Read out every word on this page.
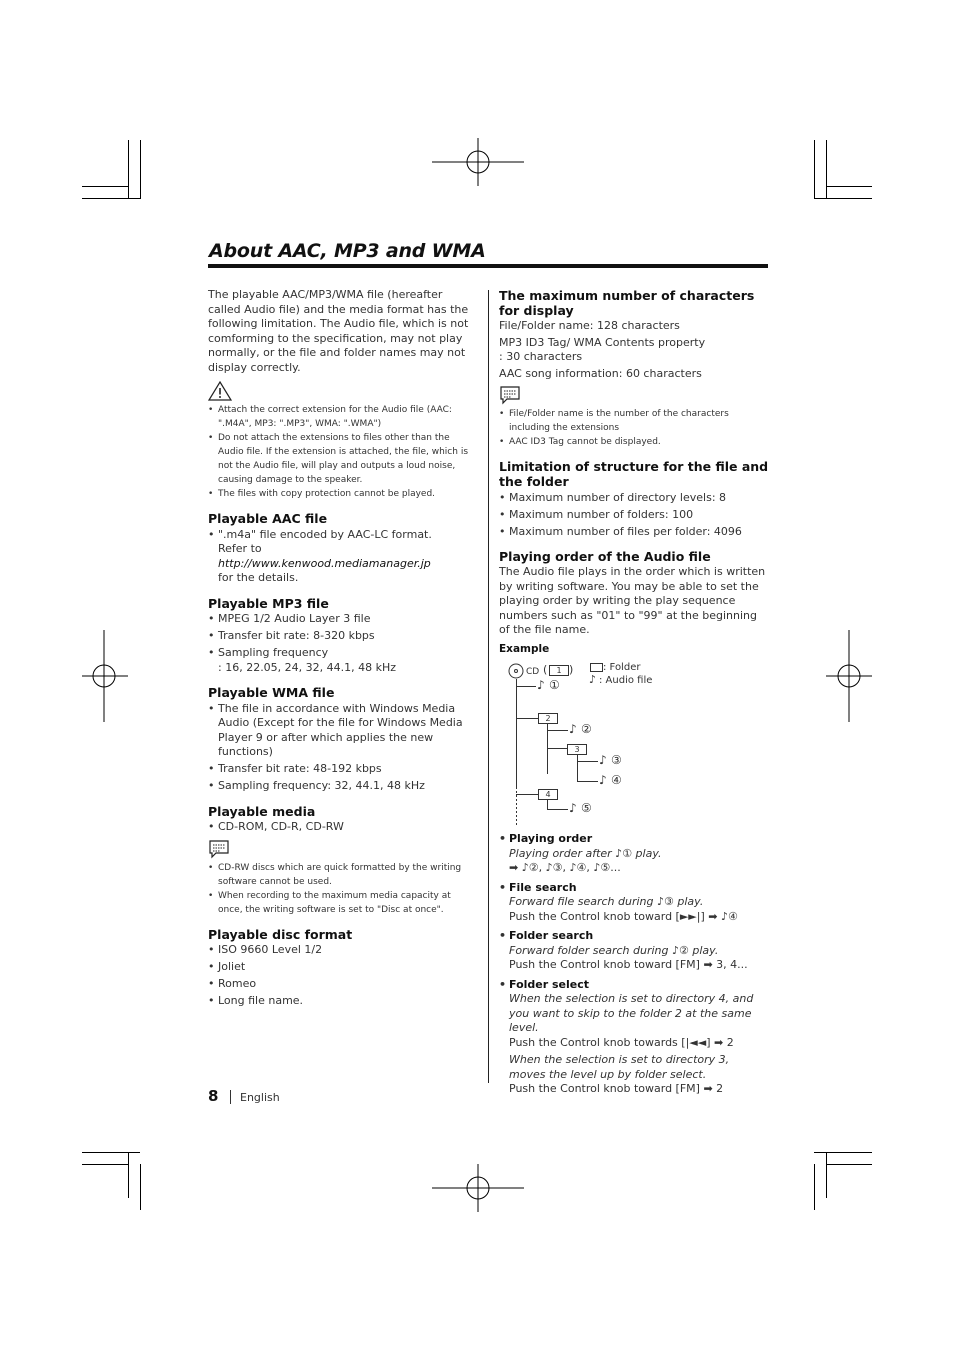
About AAC, MP3 and WMA

The playable AAC/MP3/WMA file (hereafter called Audio file) and the media format has the following limitation. The Audio file, which is not comforming to the specification, may not play normally, or the file and folder names may not display correctly.

• Attach the correct extension for the Audio file (AAC: ".M4A", MP3: ".MP3", WMA: ".WMA")
• Do not attach the extensions to files other than the Audio file. If the extension is attached, the file, which is not the Audio file, will play and outputs a loud noise, causing damage to the speaker.
• The files with copy protection cannot be played.
Playable AAC file
• ".m4a" file encoded by AAC-LC format.
Refer to http://www.kenwood.mediamanager.jp
for the details.
Playable MP3 file
• MPEG 1/2 Audio Layer 3 file
• Transfer bit rate: 8-320 kbps
• Sampling frequency
: 16, 22.05, 24, 32, 44.1, 48 kHz
Playable WMA file
• The file in accordance with Windows Media Audio (Except for the file for Windows Media Player 9 or after which applies the new functions)
• Transfer bit rate: 48-192 kbps
• Sampling frequency: 32, 44.1, 48 kHz
Playable media
• CD-ROM, CD-R, CD-RW
• CD-RW discs which are quick formatted by the writing software cannot be used.
• When recording to the maximum media capacity at once, the writing software is set to "Disc at once".
Playable disc format
• ISO 9660 Level 1/2
• Joliet
• Romeo
• Long file name.
The maximum number of characters for display

File/Folder name: 128 characters

MP3 ID3 Tag/ WMA Contents property

: 30 characters

AAC song information: 60 characters

• File/Folder name is the number of the characters including the extensions
• AAC ID3 Tag cannot be displayed.
Limitation of structure for the file and the folder
• Maximum number of directory levels: 8
• Maximum number of folders: 100
• Maximum number of files per folder: 4096
Playing order of the Audio file

The Audio file plays in the order which is written by writing software. You may be able to set the playing order by writing the play sequence numbers such as "01" to "99" at the beginning of the file name.

Example

CD (	1 )	: Folder
♪ : Audio file
♪ ①
2
♪ ②
3
♪ ③
♪ ④
4
♪ ⑤
• Playing order
Playing order after ♪① play.
➡ ♪②, ♪③, ♪④, ♪⑤...
• File search
Forward file search during ♪③ play.
Push the Control knob toward [►►|] ➡ ♪④
• Folder search
Forward folder search during ♪② play.
Push the Control knob toward [FM] ➡ 3, 4...
• Folder select
When the selection is set to directory 4, and you want to skip to the folder 2 at the same level.
Push the Control knob towards [|◄◄] ➡ 2
When the selection is set to directory 3, moves the level up by folder select.
Push the Control knob toward [FM] ➡ 2
8 English
